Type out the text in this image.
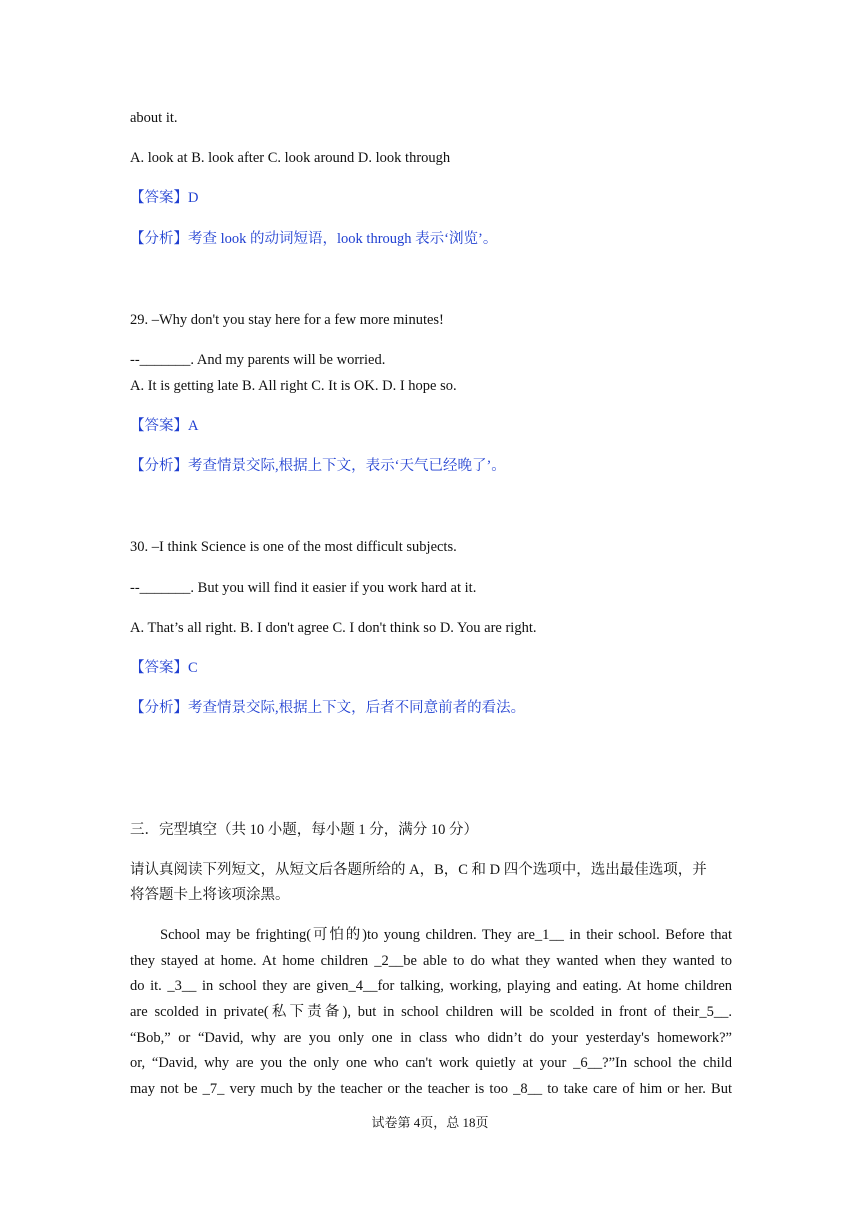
about it.
A. look at B. look after C. look around D. look through
【答案】D
【分析】考查 look 的动词短语，look through 表示‘浏览’。
29. –Why don't you stay here for a few more minutes!
--_______. And my parents will be worried.
A. It is getting late B. All right C. It is OK. D. I hope so.
【答案】A
【分析】考查情景交际,根据上下文，表示‘天气已经晚了’。
30. –I think Science is one of the most difficult subjects.
--_______. But you will find it easier if you work hard at it.
A. That’s all right. B. I don't agree C. I don't think so D. You are right.
【答案】C
【分析】考查情景交际,根据上下文，后者不同意前者的看法。
三．完型填空（共 10 小题，每小题 1 分，满分 10 分）
请认真阅读下列短文，从短文后各题所给的 A，B，C 和 D 四个选项中，选出最佳选项，并
将答题卡上将该项涂黑。
School may be frighting(可怕的)to young children. They are_1__ in their school. Before that
they stayed at home. At home children _2__be able to do what they wanted when they wanted to
do it. _3__ in school they are given_4__for talking, working, playing and eating. At home children
are scolded in private(私下责备), but in school children will be scolded in front of their_5__.
“Bob,” or “David, why are you only one in class who didn’t do your yesterday's homework?”
or, “David, why are you the only one who can't work quietly at your _6__?”In school the child
may not be _7_ very much by the teacher or the teacher is too _8__ to take care of him or her. But
试卷第 4页，总 18页
